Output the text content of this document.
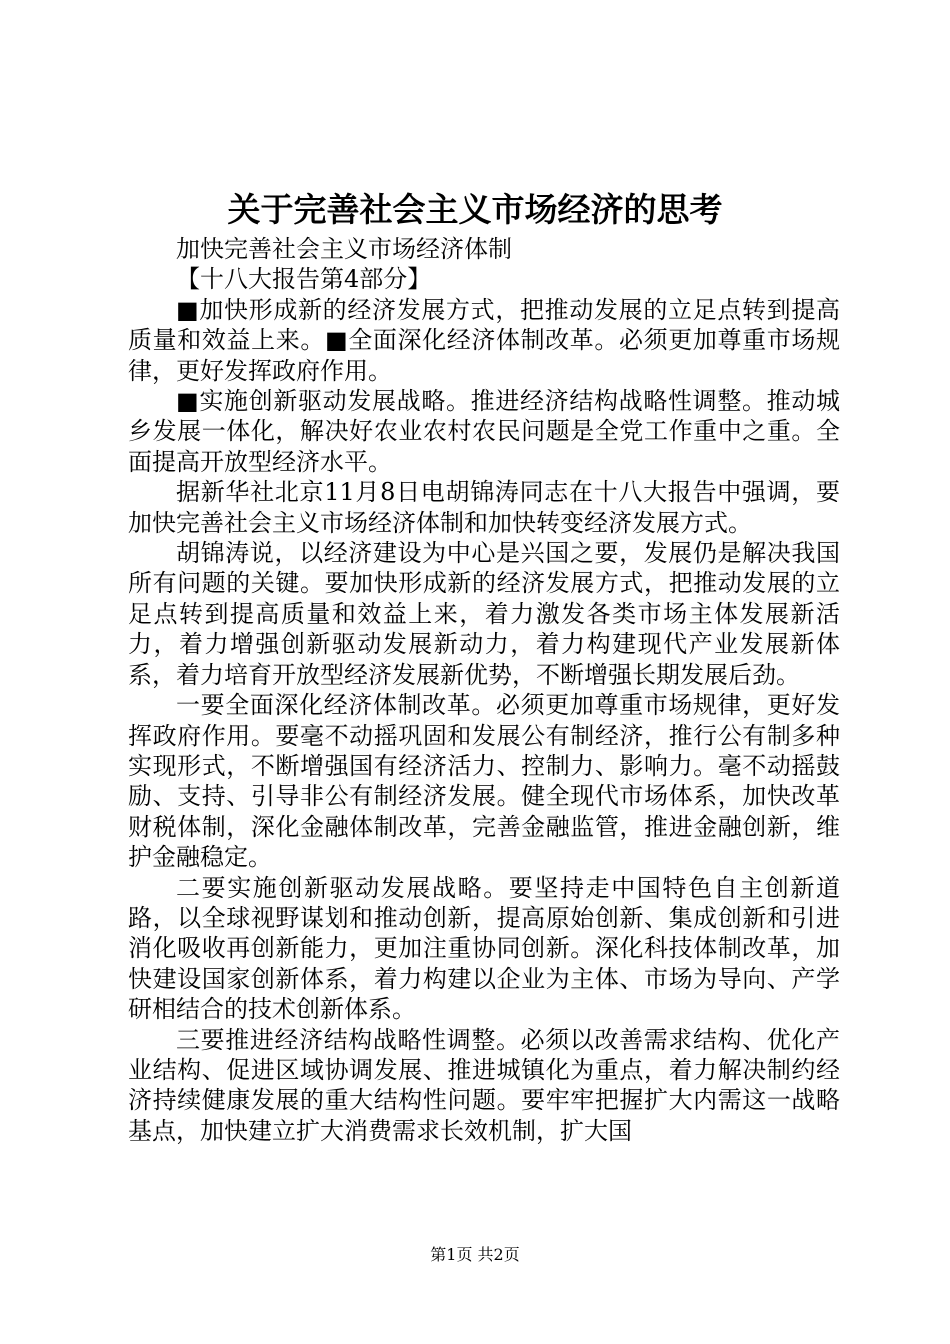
关于完善社会主义市场经济的思考

加快完善社会主义市场经济体制

【十八大报告第4部分】

■加快形成新的经济发展方式，把推动发展的立足点转到提高质量和效益上来。■全面深化经济体制改革。必须更加尊重市场规律，更好发挥政府作用。

■实施创新驱动发展战略。推进经济结构战略性调整。推动城乡发展一体化，解决好农业农村农民问题是全党工作重中之重。全面提高开放型经济水平。

据新华社北京11月8日电胡锦涛同志在十八大报告中强调，要加快完善社会主义市场经济体制和加快转变经济发展方式。

胡锦涛说，以经济建设为中心是兴国之要，发展仍是解决我国所有问题的关键。要加快形成新的经济发展方式，把推动发展的立足点转到提高质量和效益上来，着力激发各类市场主体发展新活力，着力增强创新驱动发展新动力，着力构建现代产业发展新体系，着力培育开放型经济发展新优势，不断增强长期发展后劲。

一要全面深化经济体制改革。必须更加尊重市场规律，更好发挥政府作用。要毫不动摇巩固和发展公有制经济，推行公有制多种实现形式，不断增强国有经济活力、控制力、影响力。毫不动摇鼓励、支持、引导非公有制经济发展。健全现代市场体系，加快改革财税体制，深化金融体制改革，完善金融监管，推进金融创新，维护金融稳定。

二要实施创新驱动发展战略。要坚持走中国特色自主创新道路，以全球视野谋划和推动创新，提高原始创新、集成创新和引进消化吸收再创新能力，更加注重协同创新。深化科技体制改革，加快建设国家创新体系，着力构建以企业为主体、市场为导向、产学研相结合的技术创新体系。

三要推进经济结构战略性调整。必须以改善需求结构、优化产业结构、促进区域协调发展、推进城镇化为重点，着力解决制约经济持续健康发展的重大结构性问题。要牢牢把握扩大内需这一战略基点，加快建立扩大消费需求长效机制，扩大国

第1页 共2页
